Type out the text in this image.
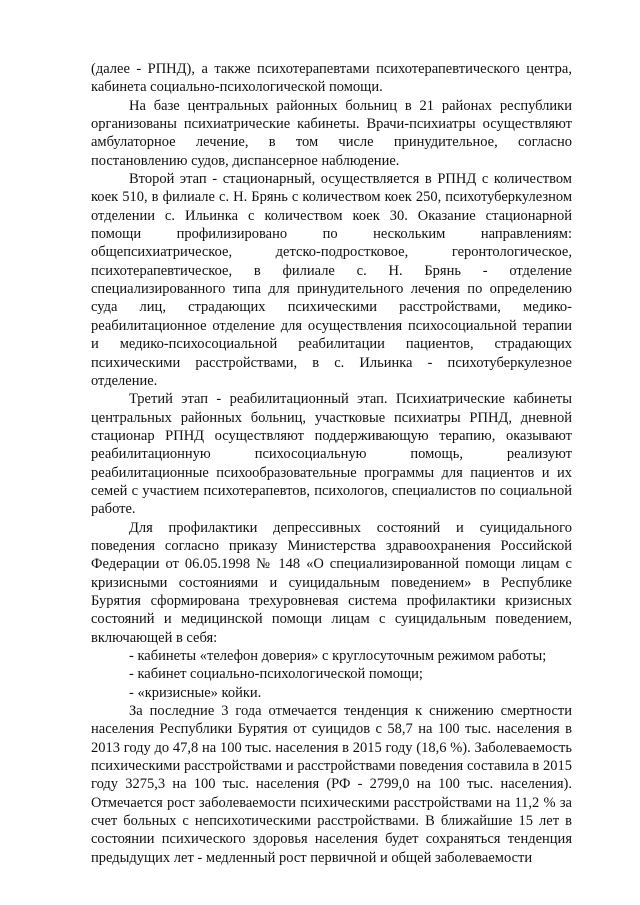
(далее - РПНД), а также психотерапевтами психотерапевтического центра, кабинета социально-психологической помощи.

На базе центральных районных больниц в 21 районах республики организованы психиатрические кабинеты. Врачи-психиатры осуществляют амбулаторное лечение, в том числе принудительное, согласно постановлению судов, диспансерное наблюдение.

Второй этап - стационарный, осуществляется в РПНД с количеством коек 510, в филиале с. Н. Брянь с количеством коек 250, психотуберкулезном отделении с. Ильинка с количеством коек 30. Оказание стационарной помощи профилизировано по нескольким направлениям: общепсихиатрическое, детско-подростковое, геронтологическое, психотерапевтическое, в филиале с. Н. Брянь - отделение специализированного типа для принудительного лечения по определению суда лиц, страдающих психическими расстройствами, медико-реабилитационное отделение для осуществления психосоциальной терапии и медико-психосоциальной реабилитации пациентов, страдающих психическими расстройствами, в с. Ильинка - психотуберкулезное отделение.

Третий этап - реабилитационный этап. Психиатрические кабинеты центральных районных больниц, участковые психиатры РПНД, дневной стационар РПНД осуществляют поддерживающую терапию, оказывают реабилитационную психосоциальную помощь, реализуют реабилитационные психообразовательные программы для пациентов и их семей с участием психотерапевтов, психологов, специалистов по социальной работе.

Для профилактики депрессивных состояний и суицидального поведения согласно приказу Министерства здравоохранения Российской Федерации от 06.05.1998 № 148 «О специализированной помощи лицам с кризисными состояниями и суицидальным поведением» в Республике Бурятия сформирована трехуровневая система профилактики кризисных состояний и медицинской помощи лицам с суицидальным поведением, включающей в себя:

- кабинеты «телефон доверия» с круглосуточным режимом работы;
- кабинет социально-психологической помощи;
- «кризисные» койки.

За последние 3 года отмечается тенденция к снижению смертности населения Республики Бурятия от суицидов с 58,7 на 100 тыс. населения в 2013 году до 47,8 на 100 тыс. населения в 2015 году (18,6 %). Заболеваемость психическими расстройствами и расстройствами поведения составила в 2015 году 3275,3 на 100 тыс. населения (РФ - 2799,0 на 100 тыс. населения). Отмечается рост заболеваемости психическими расстройствами на 11,2 % за счет больных с непсихотическими расстройствами. В ближайшие 15 лет в состоянии психического здоровья населения будет сохраняться тенденция предыдущих лет - медленный рост первичной и общей заболеваемости
